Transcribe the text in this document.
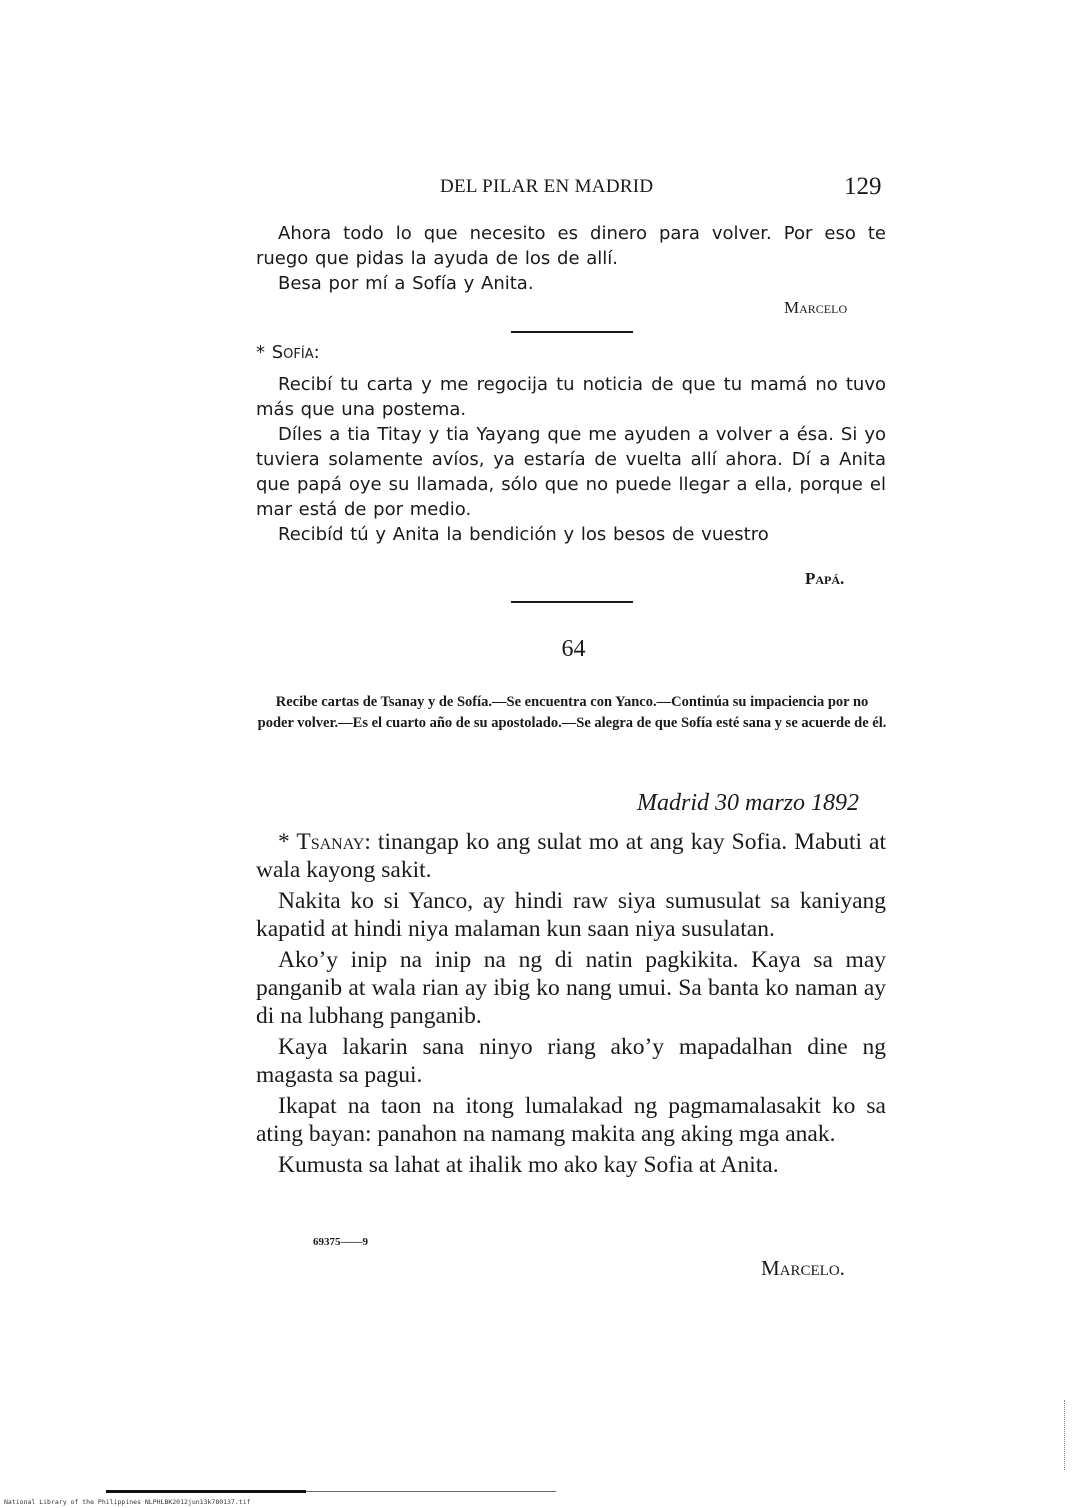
DEL PILAR EN MADRID	129

Ahora todo lo que necesito es dinero para volver. Por eso te ruego que pidas la ayuda de los de allí.

Besa por mí a Sofía y Anita.

Marcelo
* Sofía:

Recibí tu carta y me regocija tu noticia de que tu mamá no tuvo más que una postema.

Díles a tia Titay y tia Yayang que me ayuden a volver a ésa. Si yo tuviera solamente avíos, ya estaría de vuelta allí ahora. Dí a Anita que papá oye su llamada, sólo que no puede llegar a ella, porque el mar está de por medio.

Recibíd tú y Anita la bendición y los besos de vuestro

Papá.
64
Recibe cartas de Tsanay y de Sofía.—Se encuentra con Yanco.—Continúa su impaciencia por no poder volver.—Es el cuarto año de su apostolado.—Se alegra de que Sofía esté sana y se acuerde de él.
Madrid 30 marzo 1892

* Tsanay: tinangap ko ang sulat mo at ang kay Sofia. Mabuti at wala kayong sakit.

Nakita ko si Yanco, ay hindi raw siya sumusulat sa kaniyang kapatid at hindi niya malaman kun saan niya susulatan.

Ako’y inip na inip na ng di natin pagkikita. Kaya sa may panganib at wala rian ay ibig ko nang umui. Sa banta ko naman ay di na lubhang panganib.

Kaya lakarin sana ninyo riang ako’y mapadalhan dine ng magasta sa pagui.

Ikapat na taon na itong lumalakad ng pagmamalasakit ko sa ating bayan: panahon na namang makita ang aking mga anak.

Kumusta sa lahat at ihalik mo ako kay Sofia at Anita.

69375——9
Marcelo.
National Library of the Philippines NLPHLBK2012jun13k780137.tif
